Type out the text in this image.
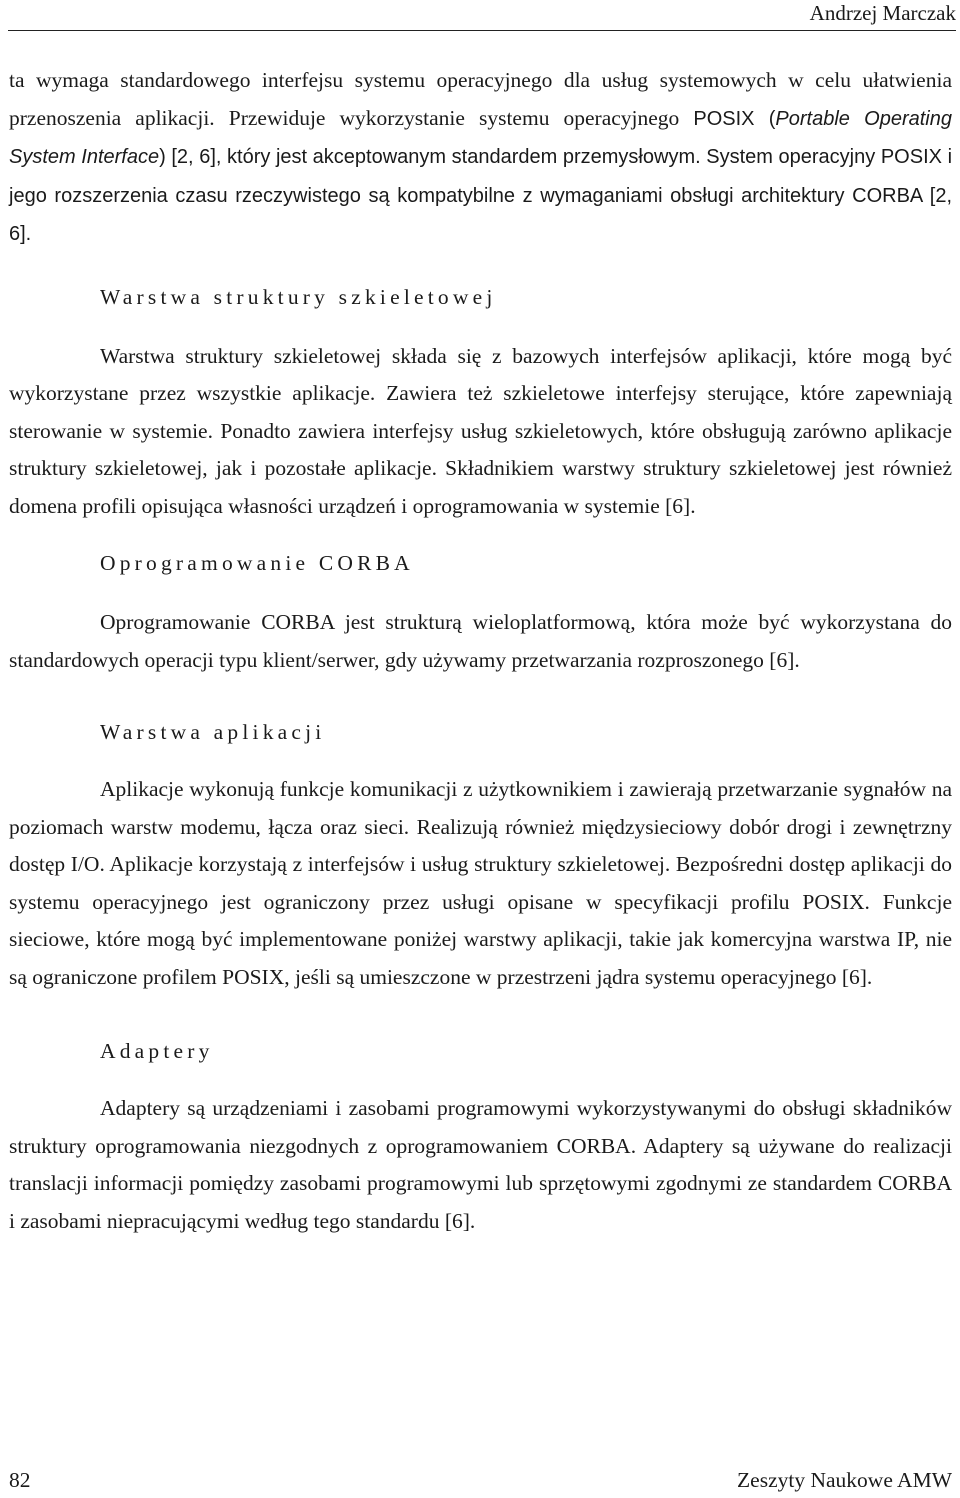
Andrzej Marczak

ta wymaga standardowego interfejsu systemu operacyjnego dla usług systemowych w celu ułatwienia przenoszenia aplikacji. Przewiduje wykorzystanie systemu operacyjnego POSIX (Portable Operating System Interface) [2, 6], który jest akceptowanym standardem przemysłowym. System operacyjny POSIX i jego rozszerzenia czasu rzeczywistego są kompatybilne z wymaganiami obsługi architektury CORBA [2, 6].

Warstwa struktury szkieletowej

Warstwa struktury szkieletowej składa się z bazowych interfejsów aplikacji, które mogą być wykorzystane przez wszystkie aplikacje. Zawiera też szkieletowe interfejsy sterujące, które zapewniają sterowanie w systemie. Ponadto zawiera interfejsy usług szkieletowych, które obsługują zarówno aplikacje struktury szkieletowej, jak i pozostałe aplikacje. Składnikiem warstwy struktury szkieletowej jest również domena profili opisująca własności urządzeń i oprogramowania w systemie [6].

Oprogramowanie CORBA

Oprogramowanie CORBA jest strukturą wieloplatformową, która może być wykorzystana do standardowych operacji typu klient/serwer, gdy używamy przetwarzania rozproszonego [6].

Warstwa aplikacji

Aplikacje wykonują funkcje komunikacji z użytkownikiem i zawierają przetwarzanie sygnałów na poziomach warstw modemu, łącza oraz sieci. Realizują również międzysieciowy dobór drogi i zewnętrzny dostęp I/O. Aplikacje korzystają z interfejsów i usług struktury szkieletowej. Bezpośredni dostęp aplikacji do systemu operacyjnego jest ograniczony przez usługi opisane w specyfikacji profilu POSIX. Funkcje sieciowe, które mogą być implementowane poniżej warstwy aplikacji, takie jak komercyjna warstwa IP, nie są ograniczone profilem POSIX, jeśli są umieszczone w przestrzeni jądra systemu operacyjnego [6].

Adaptery

Adaptery są urządzeniami i zasobami programowymi wykorzystywanymi do obsługi składników struktury oprogramowania niezgodnych z oprogramowaniem CORBA. Adaptery są używane do realizacji translacji informacji pomiędzy zasobami programowymi lub sprzętowymi zgodnymi ze standardem CORBA i zasobami niepracującymi według tego standardu [6].

82	Zeszyty Naukowe AMW
